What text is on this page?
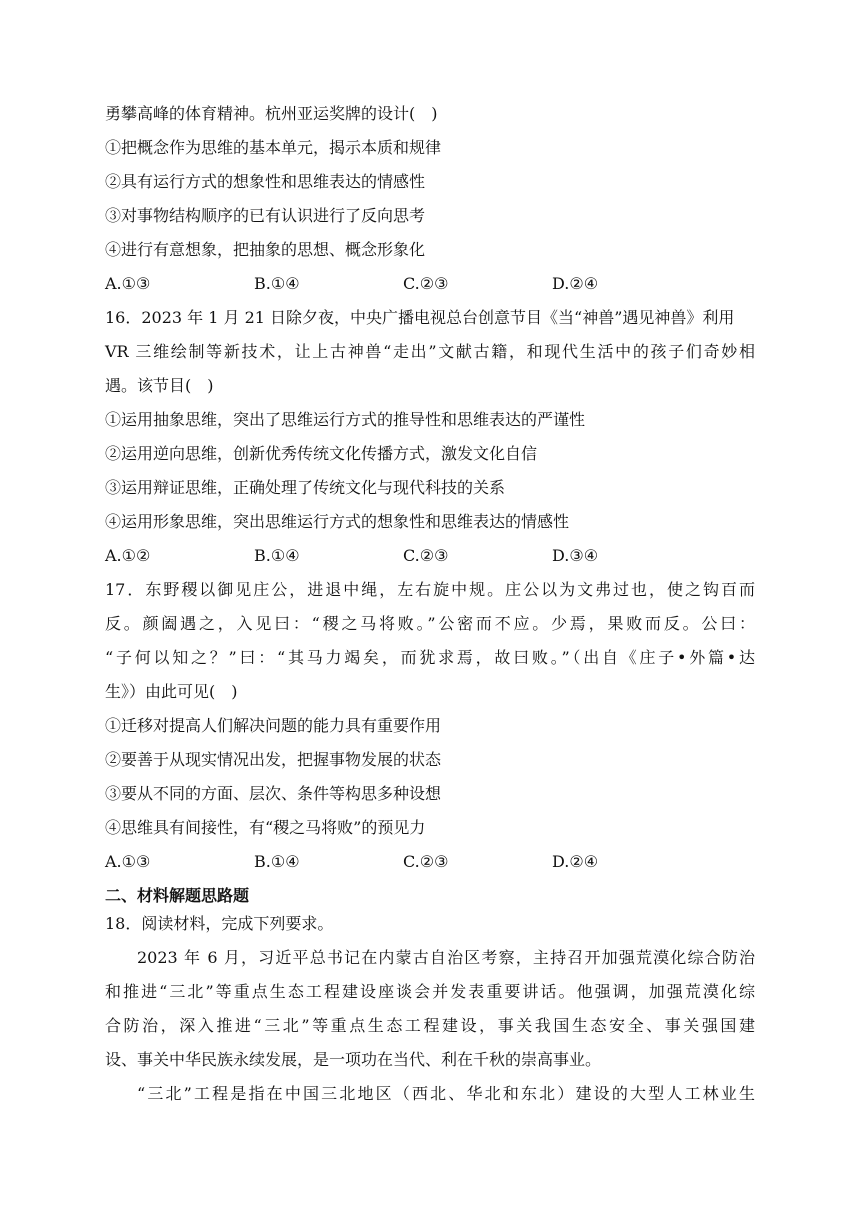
勇攀高峰的体育精神。杭州亚运奖牌的设计(　)
①把概念作为思维的基本单元，揭示本质和规律
②具有运行方式的想象性和思维表达的情感性
③对事物结构顺序的已有认识进行了反向思考
④进行有意想象，把抽象的思想、概念形象化
A.①③	B.①④	C.②③	D.②④
16．2023 年 1 月 21 日除夕夜，中央广播电视总台创意节目《当“神兽”遇见神兽》利用
VR 三维绘制等新技术，让上古神兽“走出”文献古籍，和现代生活中的孩子们奇妙相
遇。该节目(　)
①运用抽象思维，突出了思维运行方式的推导性和思维表达的严谨性
②运用逆向思维，创新优秀传统文化传播方式，激发文化自信
③运用辩证思维，正确处理了传统文化与现代科技的关系
④运用形象思维，突出思维运行方式的想象性和思维表达的情感性
A.①②	B.①④	C.②③	D.③④
17．东野稷以御见庄公，进退中绳，左右旋中规。庄公以为文弗过也，使之钩百而
反。颜阖遇之，入见曰：“稷之马将败。”公密而不应。少焉，果败而反。公曰：
“子何以知之？”曰：“其马力竭矣，而犹求焉，故曰败。”（出自《庄子•外篇•达
生》）由此可见(　)
①迁移对提高人们解决问题的能力具有重要作用
②要善于从现实情况出发，把握事物发展的状态
③要从不同的方面、层次、条件等构思多种设想
④思维具有间接性，有“稷之马将败”的预见力
A.①③	B.①④	C.②③	D.②④
二、材料解题思路题
18．阅读材料，完成下列要求。
2023 年 6 月，习近平总书记在内蒙古自治区考察，主持召开加强荒漠化综合防治
和推进“三北”等重点生态工程建设座谈会并发表重要讲话。他强调，加强荒漠化综
合防治，深入推进“三北”等重点生态工程建设，事关我国生态安全、事关强国建
设、事关中华民族永续发展，是一项功在当代、利在千秋的崇高事业。
“三北”工程是指在中国三北地区（西北、华北和东北）建设的大型人工林业生
